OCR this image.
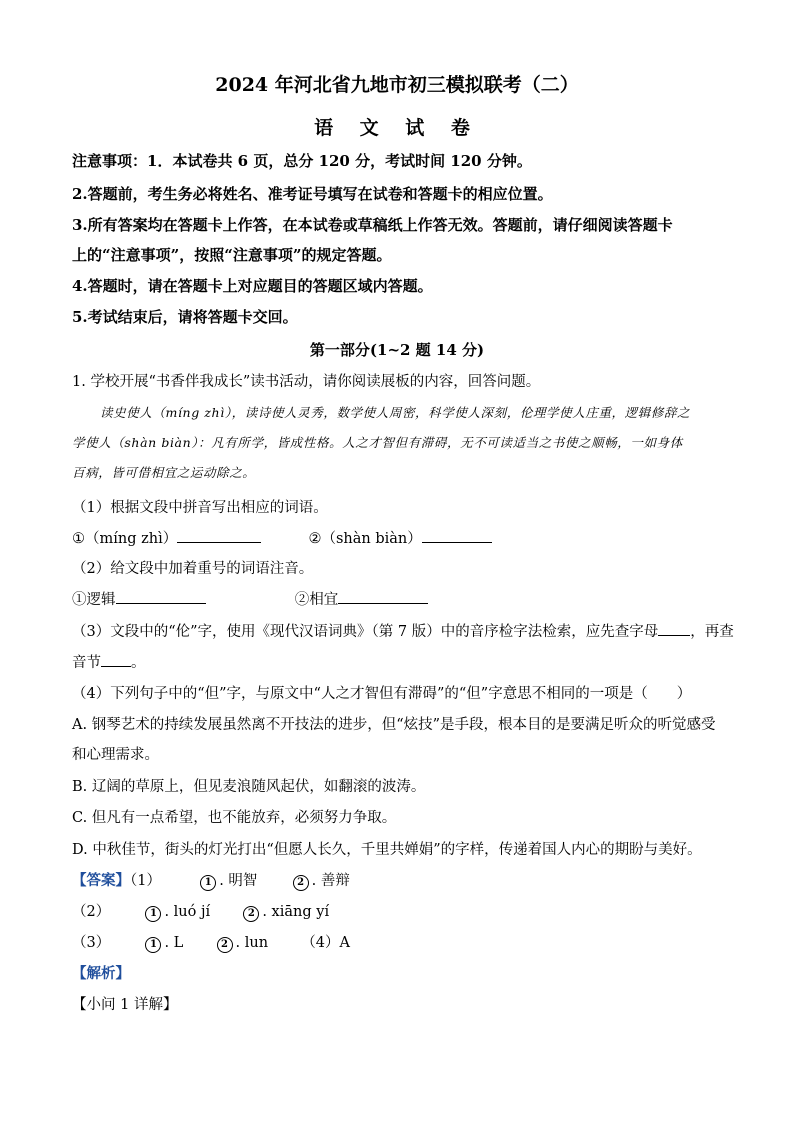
2024 年河北省九地市初三模拟联考（二）
语 文 试 卷
注意事项：1．本试卷共 6 页，总分 120 分，考试时间 120 分钟。
2.答题前，考生务必将姓名、准考证号填写在试卷和答题卡的相应位置。
3.所有答案均在答题卡上作答，在本试卷或草稿纸上作答无效。答题前，请仔细阅读答题卡
上的“注意事项”，按照“注意事项”的规定答题。
4.答题时，请在答题卡上对应题目的答题区域内答题。
5.考试结束后，请将答题卡交回。
第一部分(1~2 题 14 分)
1. 学校开展“书香伴我成长”读书活动，请你阅读展板的内容，回答问题。
读史使人（míng zhì），读诗使人灵秀，数学使人周密，科学使人深刻，伦理学使人庄重，逻辑修辞之
学使人（shàn biàn）：凡有所学，皆成性格。人之才智但有滞碍，无不可读适当之书使之顺畅，一如身体
百病，皆可借相宜之运动除之。
（1）根据文段中拼音写出相应的词语。
①（míng zhì）	②（shàn biàn）
（2）给文段中加着重号的词语注音。
①逻辑	②相宜
（3）文段中的“伦”字，使用《现代汉语词典》（第 7 版）中的音序检字法检索，应先查字母 ，再查
音节 。
（4）下列句子中的“但”字，与原文中“人之才智但有滞碍”的“但”字意思不相同的一项是（　　）
A. 钢琴艺术的持续发展虽然离不开技法的进步，但“炫技”是手段，根本目的是要满足听众的听觉感受
和心理需求。
B. 辽阔的草原上，但见麦浪随风起伏，如翻滚的波涛。
C. 但凡有一点希望，也不能放弃，必须努力争取。
D. 中秋佳节，街头的灯光打出“但愿人长久，千里共婵娟”的字样，传递着国人内心的期盼与美好。
【答案】（1）	1 . 明智	2 . 善辩
（2）	1 . luó jí	2 . xiāng yí
（3）	1 . L	2 . lun （4）A
【解析】
【小问 1 详解】
